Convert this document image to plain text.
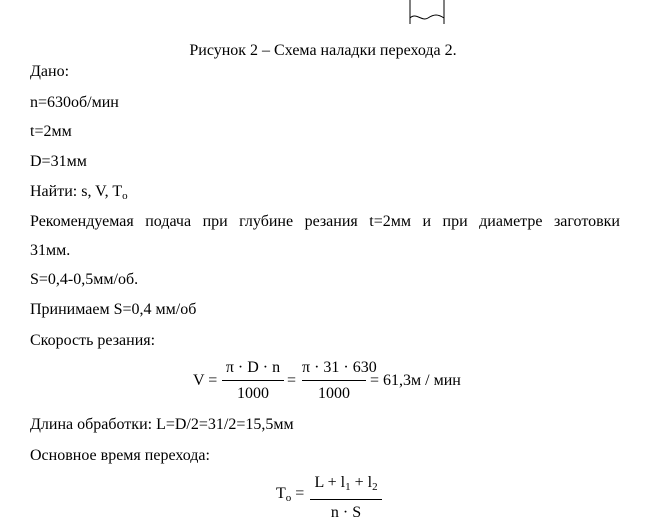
Рисунок 2 – Схема наладки перехода 2.
Дано:
n=630об/мин
t=2мм
D=31мм
Найти: s, V, $T_o$
Рекомендуемая подача при глубине резания t=2мм и при диаметре заготовки
31мм.
S=0,4-0,5мм/об.
Принимаем S=0,4 мм/об
Скорость резания:
V =
π · D · n
1000
=
π · 31 · 630
1000
= 61,3м / мин
Длина обработки: L=D/2=31/2=15,5мм
Основное время перехода:
$T_o$ =
$L + l_1 + l_2$
n · S
